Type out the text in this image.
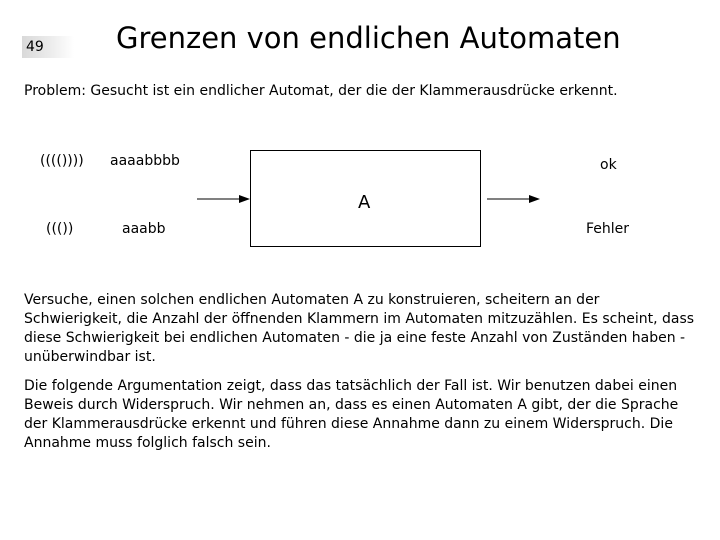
49 Grenzen von endlichen Automaten
Problem: Gesucht ist ein endlicher Automat, der die der Klammerausdrücke erkennt.
(((()))) aaaabbbb	ok
((())	aaabb	Fehler
A

Versuche, einen solchen endlichen Automaten A zu konstruieren, scheitern an der Schwierigkeit, die Anzahl der öffnenden Klammern im Automaten mitzuzählen. Es scheint, dass diese Schwierigkeit bei endlichen Automaten - die ja eine feste Anzahl von Zuständen haben - unüberwindbar ist.

Die folgende Argumentation zeigt, dass das tatsächlich der Fall ist. Wir benutzen dabei einen Beweis durch Widerspruch. Wir nehmen an, dass es einen Automaten A gibt, der die Sprache der Klammerausdrücke erkennt und führen diese Annahme dann zu einem Widerspruch. Die Annahme muss folglich falsch sein.
